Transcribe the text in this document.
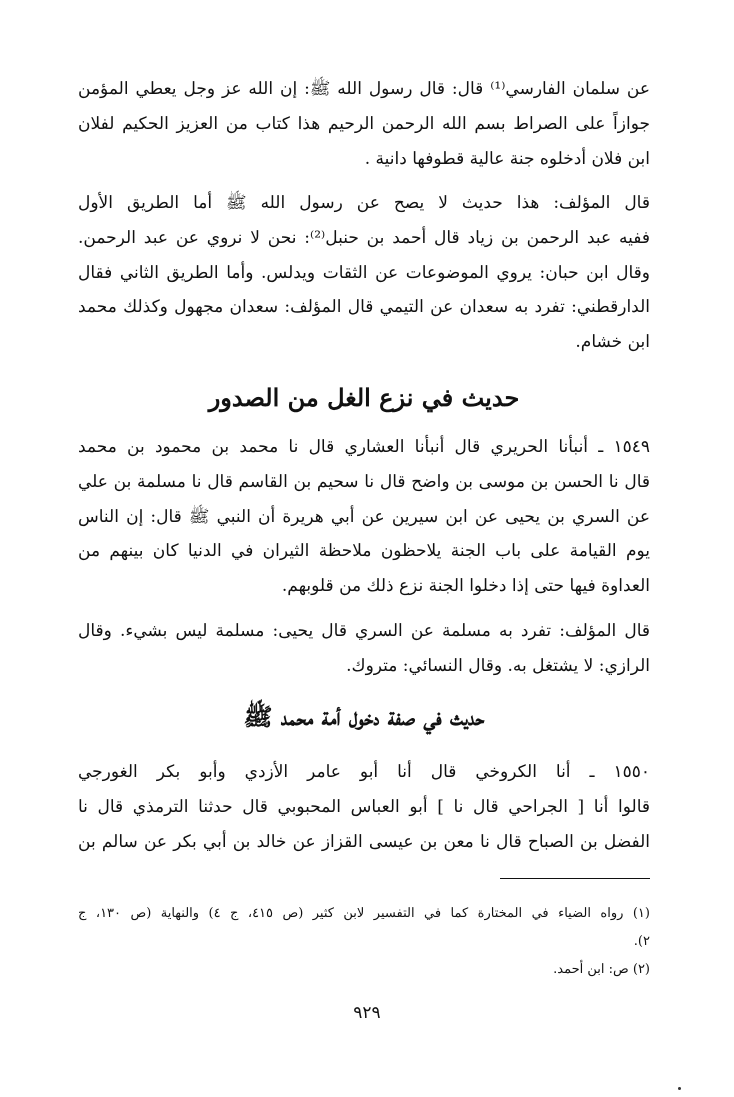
عن سلمان الفارسي⁽¹⁾ قال: قال رسول الله ﷺ: إن الله عز وجل يعطي المؤمن
جوازاً على الصراط بسم الله الرحمن الرحيم هذا كتاب من العزيز الحكيم لفلان
ابن فلان أدخلوه جنة عالية قطوفها دانية .
قال المؤلف: هذا حديث لا يصح عن رسول الله ﷺ أما الطريق الأول
ففيه عبد الرحمن بن زياد قال أحمد بن حنبل⁽²⁾: نحن لا نروي عن عبد الرحمن.
وقال ابن حبان: يروي الموضوعات عن الثقات ويدلس. وأما الطريق الثاني فقال
الدارقطني: تفرد به سعدان عن التيمي قال المؤلف: سعدان مجهول وكذلك محمد
ابن خشام.
حديث في نزع الغل من الصدور
١٥٤٩ ـ أنبأنا الحريري قال أنبأنا العشاري قال نا محمد بن محمود بن محمد
قال نا الحسن بن موسى بن واضح قال نا سحيم بن القاسم قال نا مسلمة بن علي
عن السري بن يحيى عن ابن سيرين عن أبي هريرة أن النبي ﷺ قال: إن الناس
يوم القيامة على باب الجنة يلاحظون ملاحظة الثيران في الدنيا كان بينهم من
العداوة فيها حتى إذا دخلوا الجنة نزع ذلك من قلوبهم.
قال المؤلف: تفرد به مسلمة عن السري قال يحيى: مسلمة ليس بشيء. وقال
الرازي: لا يشتغل به. وقال النسائي: متروك.
حديث في صفة دخول أمة محمد ﷺ
١٥٥٠ ـ أنا الكروخي قال أنا أبو عامر الأزدي وأبو بكر الغورجي
قالوا أنا [ الجراحي قال نا ] أبو العباس المحبوبي قال حدثنا الترمذي قال نا
الفضل بن الصباح قال نا معن بن عيسى القزاز عن خالد بن أبي بكر عن سالم بن
(١) رواه الضياء في المختارة كما في التفسير لابن كثير (ص ٤١٥، ج ٤) والنهاية (ص ١٣٠، ج
٢).
(٢) ص: ابن أحمد.
٩٢٩
